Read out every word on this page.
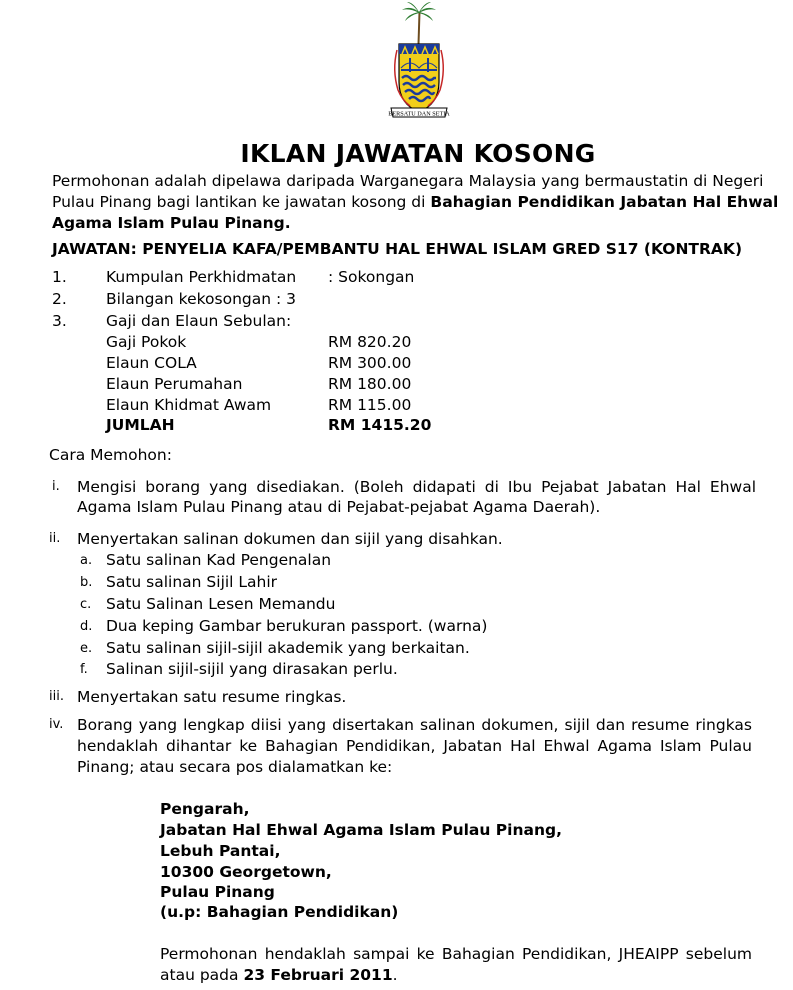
BERSATU DAN SETIA
IKLAN JAWATAN KOSONG
Permohonan adalah dipelawa daripada Warganegara Malaysia yang bermaustatin di Negeri
Pulau Pinang bagi lantikan ke jawatan kosong di Bahagian Pendidikan Jabatan Hal Ehwal
Agama Islam Pulau Pinang.
JAWATAN: PENYELIA KAFA/PEMBANTU HAL EHWAL ISLAM GRED S17 (KONTRAK)
1.	Kumpulan Perkhidmatan : Sokongan
2.	Bilangan kekosongan : 3
3.	Gaji dan Elaun Sebulan:
Gaji Pokok	RM 820.20
Elaun COLA	RM 300.00
Elaun Perumahan	RM 180.00
Elaun Khidmat Awam	RM 115.00
JUMLAH	RM 1415.20
Cara Memohon:
i. Mengisi borang yang disediakan. (Boleh didapati di Ibu Pejabat Jabatan Hal Ehwal Agama Islam Pulau Pinang atau di Pejabat-pejabat Agama Daerah).
ii. Menyertakan salinan dokumen dan sijil yang disahkan.
a. Satu salinan Kad Pengenalan
b. Satu salinan Sijil Lahir
c. Satu Salinan Lesen Memandu
d. Dua keping Gambar berukuran passport. (warna)
e. Satu salinan sijil-sijil akademik yang berkaitan.
f. Salinan sijil-sijil yang dirasakan perlu.
iii. Menyertakan satu resume ringkas.
iv. Borang yang lengkap diisi yang disertakan salinan dokumen, sijil dan resume ringkas hendaklah dihantar ke Bahagian Pendidikan, Jabatan Hal Ehwal Agama Islam Pulau Pinang; atau secara pos dialamatkan ke:
Pengarah,
Jabatan Hal Ehwal Agama Islam Pulau Pinang,
Lebuh Pantai,
10300 Georgetown,
Pulau Pinang
(u.p: Bahagian Pendidikan)
Permohonan hendaklah sampai ke Bahagian Pendidikan, JHEAIPP sebelum atau pada 23 Februari 2011.
